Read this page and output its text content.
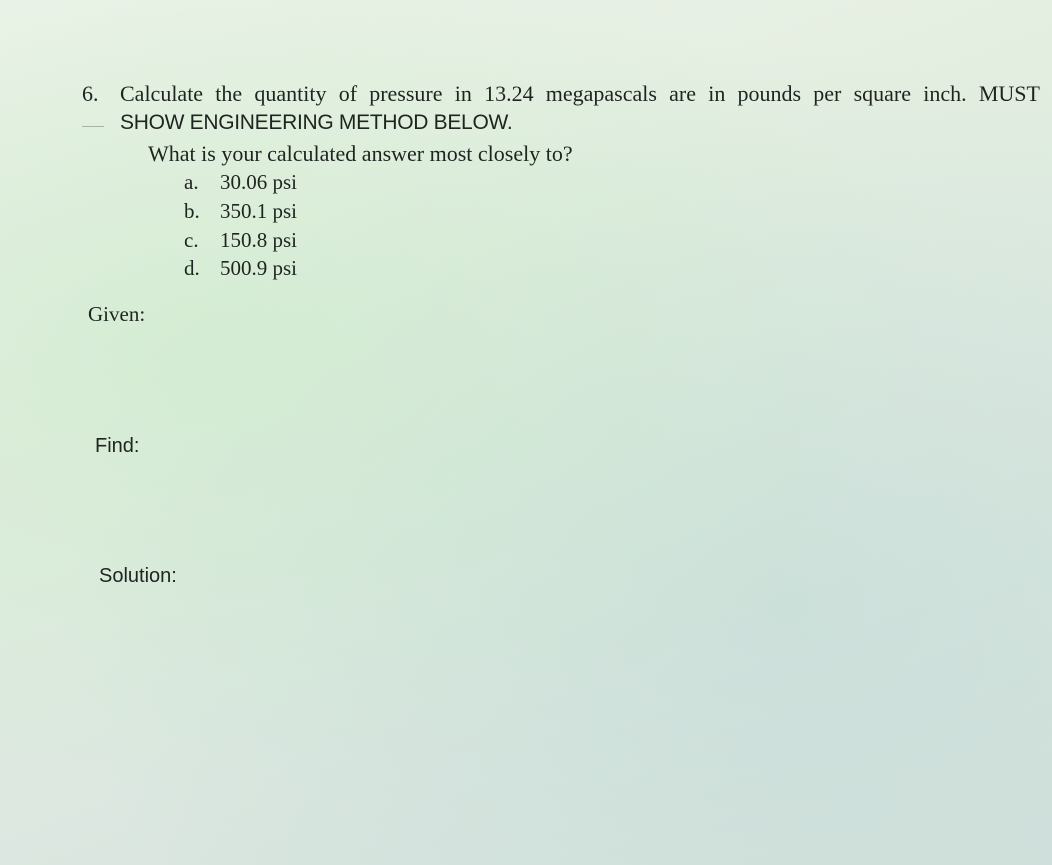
6. Calculate the quantity of pressure in 13.24 megapascals are in pounds per square inch. MUST
SHOW ENGINEERING METHOD BELOW.
What is your calculated answer most closely to?
a. 30.06 psi
b. 350.1 psi
c. 150.8 psi
d. 500.9 psi
Given:
Find:
Solution:
